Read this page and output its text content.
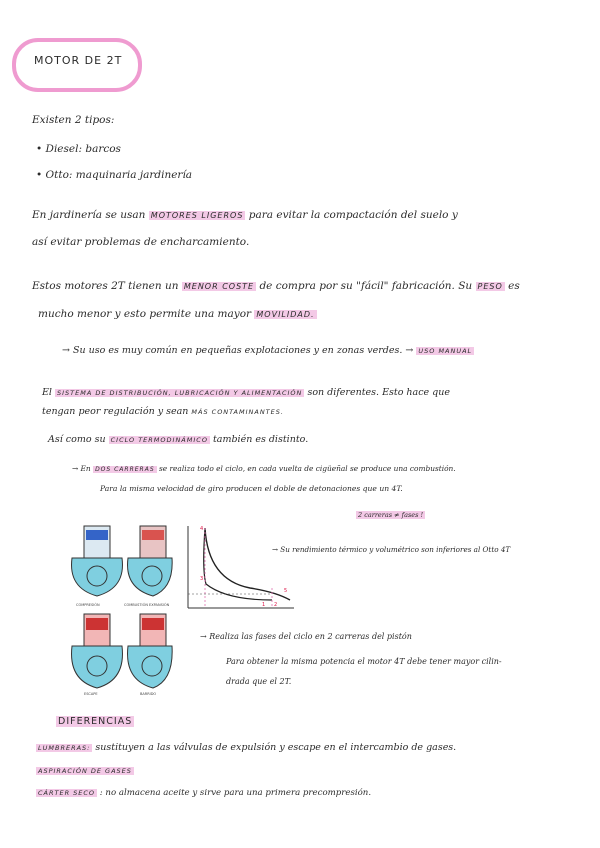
MOTOR DE 2T
Existen 2 tipos:
• Diesel: barcos
• Otto: maquinaria jardinería
En jardinería se usan MOTORES LIGEROS para evitar la compactación del suelo y
así evitar problemas de encharcamiento.
Estos motores 2T tienen un MENOR COSTE de compra por su "fácil" fabricación. Su PESO es
mucho menor y esto permite una mayor MOVILIDAD.
→ Su uso es muy común en pequeñas explotaciones y en zonas verdes. → USO MANUAL
El SISTEMA DE DISTRIBUCIÓN, LUBRICACIÓN Y ALIMENTACIÓN son diferentes. Esto hace que
tengan peor regulación y sean MÁS CONTAMINANTES.
Así como su CICLO TERMODINÁMICO también es distinto.
→ En DOS CARRERAS se realiza todo el ciclo, en cada vuelta de cigüeñal se produce una combustión.
Para la misma velocidad de giro producen el doble de detonaciones que un 4T.
2 carreras ≠ fases !
COMPRESIÓN	COMBUSTIÓN EXPANSIÓN
ESCAPE	BARRIDO
4
3
5
1 2
→ Su rendimiento térmico y volumétrico son inferiores al Otto 4T
→ Realiza las fases del ciclo en 2 carreras del pistón
Para obtener la misma potencia el motor 4T debe tener mayor cilin-
drada que el 2T.
DIFERENCIAS
LUMBRERAS: sustituyen a las válvulas de expulsión y escape en el intercambio de gases.
ASPIRACIÓN DE GASES
CÁRTER SECO : no almacena aceite y sirve para una primera precompresión.
